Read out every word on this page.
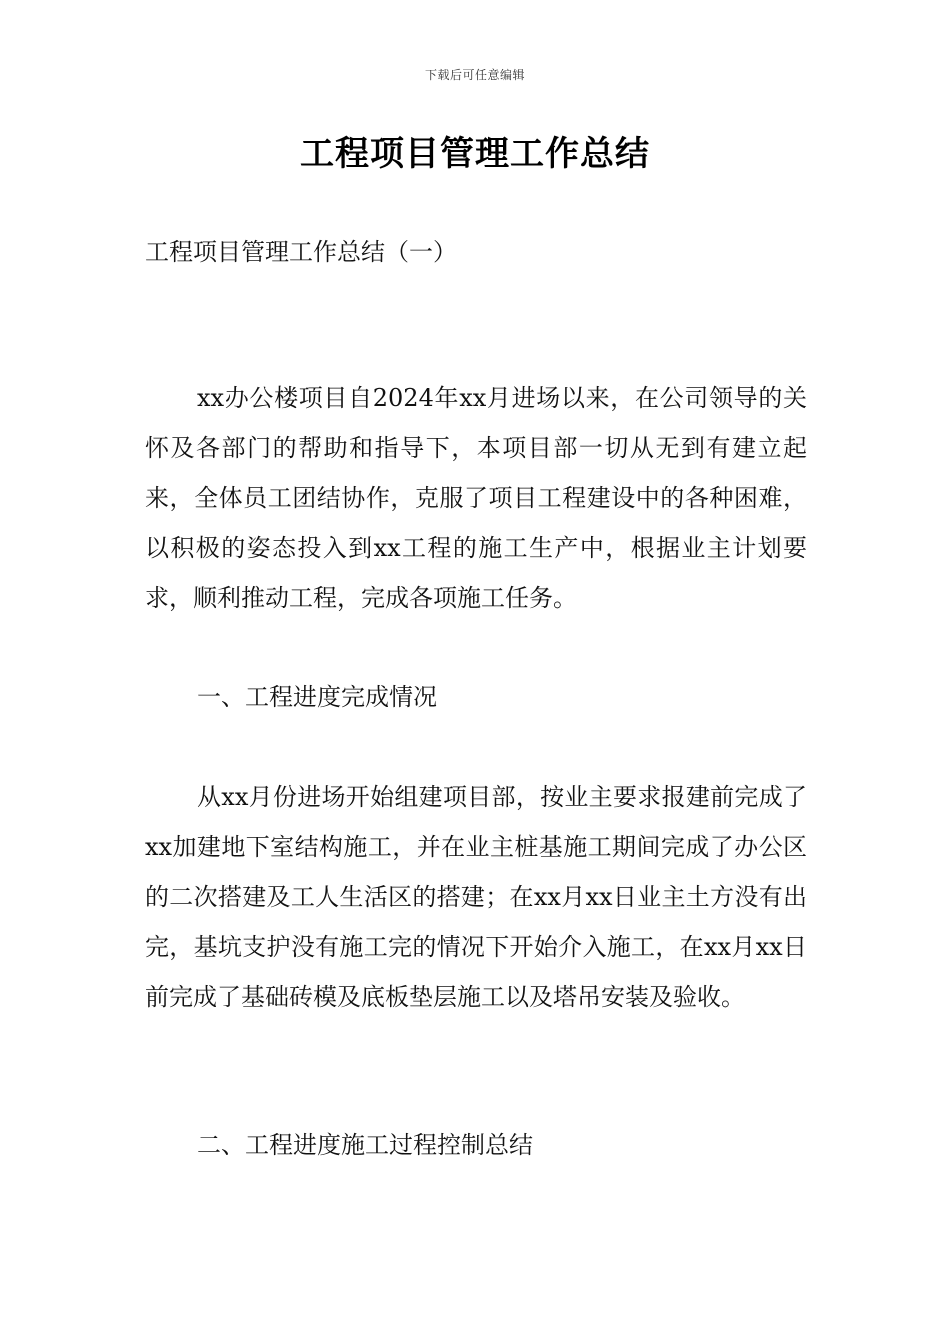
下载后可任意编辑
工程项目管理工作总结
工程项目管理工作总结（一）
xx办公楼项目自2024年xx月进场以来，在公司领导的关怀及各部门的帮助和指导下，本项目部一切从无到有建立起来，全体员工团结协作，克服了项目工程建设中的各种困难，以积极的姿态投入到xx工程的施工生产中，根据业主计划要求，顺利推动工程，完成各项施工任务。
一、工程进度完成情况
从xx月份进场开始组建项目部，按业主要求报建前完成了xx加建地下室结构施工，并在业主桩基施工期间完成了办公区的二次搭建及工人生活区的搭建；在xx月xx日业主土方没有出完，基坑支护没有施工完的情况下开始介入施工，在xx月xx日前完成了基础砖模及底板垫层施工以及塔吊安装及验收。
二、工程进度施工过程控制总结
